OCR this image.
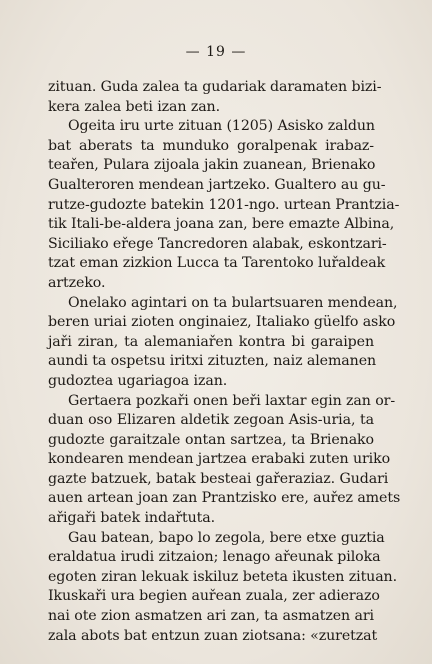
— 19 —
zituan. Guda zalea ta gudariak daramaten bizi-
kera zalea beti izan zan.
Ogeita iru urte zituan (1205) Asisko zaldun
bat aberats ta munduko goralpenak irabaz-
teařen, Pulara zijoala jakin zuanean, Brienako
Gualteroren mendean jartzeko. Gualtero au gu-
rutze-gudozte batekin 1201-ngo. urtean Prantzia-
tik Itali-be-aldera joana zan, bere emazte Albina,
Siciliako eřege Tancredoren alabak, eskontzari-
tzat eman zizkion Lucca ta Tarentoko luřaldeak
artzeko.
Onelako agintari on ta bulartsuaren mendean,
beren uriai zioten onginaiez, Italiako güelfo asko
jaři ziran, ta alemaniařen kontra bi garaipen
aundi ta ospetsu iritxi zituzten, naiz alemanen
gudoztea ugariagoa izan.
Gertaera pozkaři onen beři laxtar egin zan or-
duan oso Elizaren aldetik zegoan Asis-uria, ta
gudozte garaitzale ontan sartzea, ta Brienako
kondearen mendean jartzea erabaki zuten uriko
gazte batzuek, batak besteai gařeraziaz. Gudari
auen artean joan zan Prantzisko ere, auřez amets
ařigaři batek indařtuta.
Gau batean, bapo lo zegola, bere etxe guztia
eraldatua irudi zitzaion; lenago ařeunak piloka
egoten ziran lekuak iskiluz beteta ikusten zituan.
Ikuskaři ura begien auřean zuala, zer adierazo
nai ote zion asmatzen ari zan, ta asmatzen ari
zala abots bat entzun zuan ziotsana: «zuretzat
